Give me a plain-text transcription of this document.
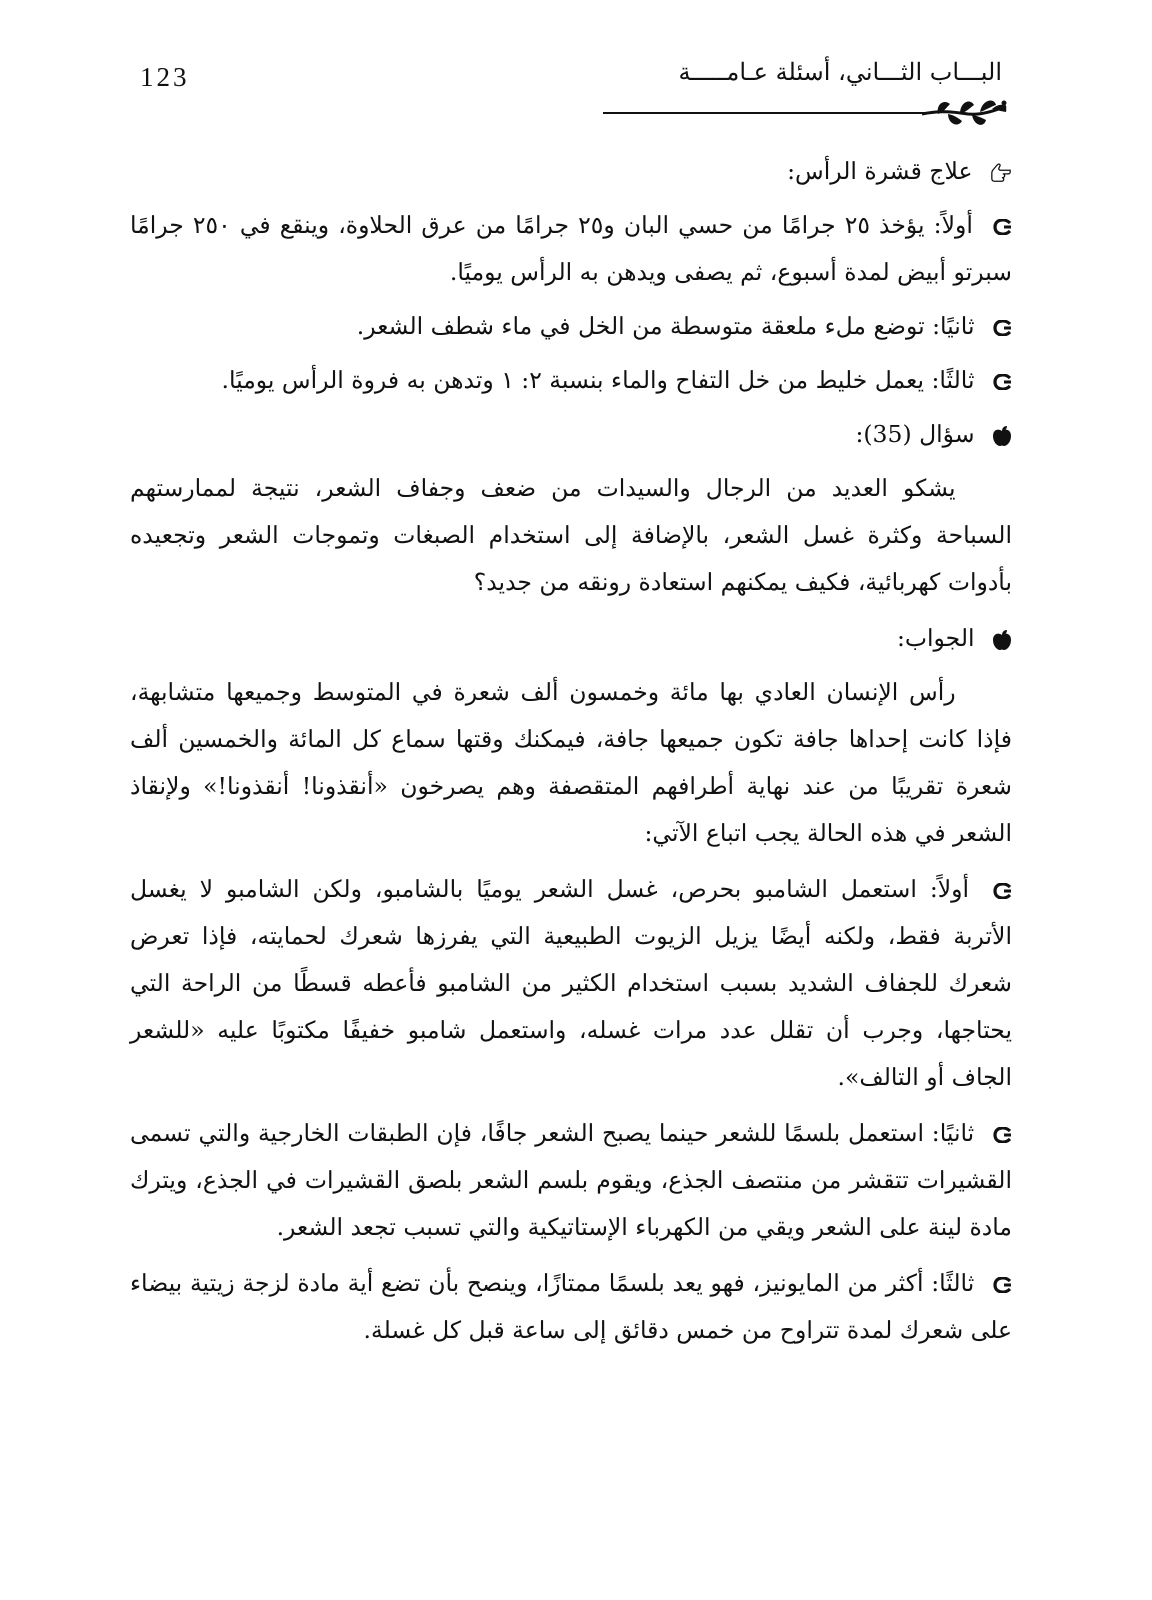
123	البـــاب الثـــاني، أسئلة عـامـــــة
علاج قشرة الرأس:
أولاً: يؤخذ ٢٥ جرامًا من حسي البان و٢٥ جرامًا من عرق الحلاوة، وينقع في ٢٥٠ جرامًا سبرتو أبيض لمدة أسبوع، ثم يصفى ويدهن به الرأس يوميًا.
ثانيًا: توضع ملء ملعقة متوسطة من الخل في ماء شطف الشعر.
ثالثًا: يعمل خليط من خل التفاح والماء بنسبة ٢: ١ وتدهن به فروة الرأس يوميًا.
سؤال (35):
يشكو العديد من الرجال والسيدات من ضعف وجفاف الشعر، نتيجة لممارستهم السباحة وكثرة غسل الشعر، بالإضافة إلى استخدام الصبغات وتموجات الشعر وتجعيده بأدوات كهربائية، فكيف يمكنهم استعادة رونقه من جديد؟
الجواب:
رأس الإنسان العادي بها مائة وخمسون ألف شعرة في المتوسط وجميعها متشابهة، فإذا كانت إحداها جافة تكون جميعها جافة، فيمكنك وقتها سماع كل المائة والخمسين ألف شعرة تقريبًا من عند نهاية أطرافهم المتقصفة وهم يصرخون «أنقذونا! أنقذونا!» ولإنقاذ الشعر في هذه الحالة يجب اتباع الآتي:
أولاً: استعمل الشامبو بحرص، غسل الشعر يوميًا بالشامبو، ولكن الشامبو لا يغسل الأتربة فقط، ولكنه أيضًا يزيل الزيوت الطبيعية التي يفرزها شعرك لحمايته، فإذا تعرض شعرك للجفاف الشديد بسبب استخدام الكثير من الشامبو فأعطه قسطًا من الراحة التي يحتاجها، وجرب أن تقلل عدد مرات غسله، واستعمل شامبو خفيفًا مكتوبًا عليه «للشعر الجاف أو التالف».
ثانيًا: استعمل بلسمًا للشعر حينما يصبح الشعر جافًا، فإن الطبقات الخارجية والتي تسمى القشيرات تتقشر من منتصف الجذع، ويقوم بلسم الشعر بلصق القشيرات في الجذع، ويترك مادة لينة على الشعر ويقي من الكهرباء الإستاتيكية والتي تسبب تجعد الشعر.
ثالثًا: أكثر من المايونيز، فهو يعد بلسمًا ممتازًا، وينصح بأن تضع أية مادة لزجة زيتية بيضاء على شعرك لمدة تتراوح من خمس دقائق إلى ساعة قبل كل غسلة.
